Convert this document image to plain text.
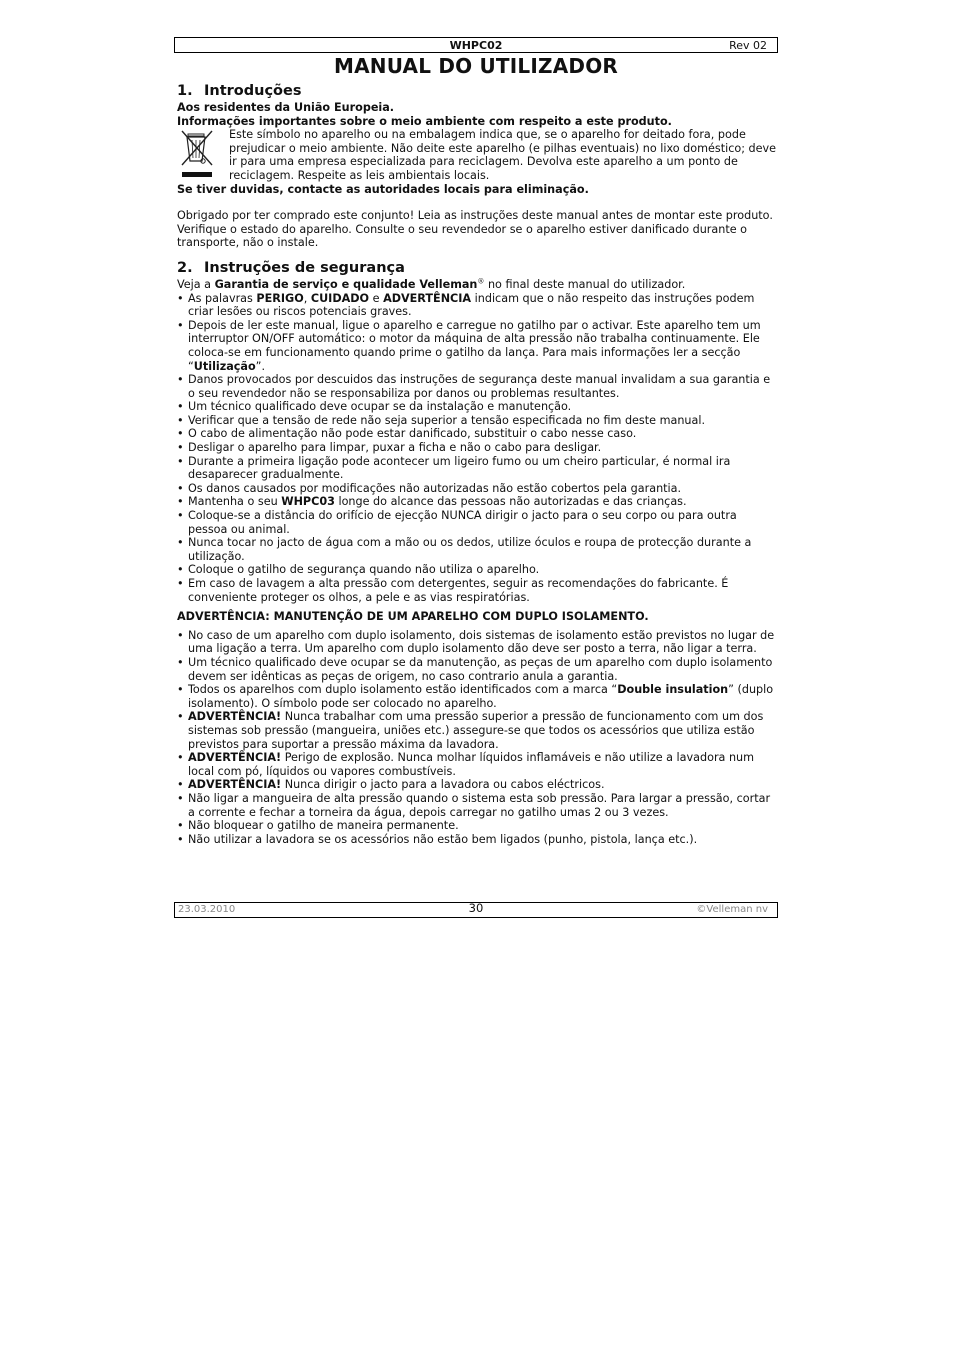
WHPC02	Rev 02
MANUAL DO UTILIZADOR
1. Introduções

Aos residentes da União Europeia.

Informações importantes sobre o meio ambiente com respeito a este produto.

Este símbolo no aparelho ou na embalagem indica que, se o aparelho for deitado fora, pode prejudicar o meio ambiente. Não deite este aparelho (e pilhas eventuais) no lixo doméstico; deve ir para uma empresa especializada para reciclagem. Devolva este aparelho a um ponto de reciclagem. Respeite as leis ambientais locais.

Se tiver duvidas, contacte as autoridades locais para eliminação.

Obrigado por ter comprado este conjunto! Leia as instruções deste manual antes de montar este produto. Verifique o estado do aparelho. Consulte o seu revendedor se o aparelho estiver danificado durante o transporte, não o instale.

2. Instruções de segurança

Veja a Garantia de serviço e qualidade Velleman® no final deste manual do utilizador.

• As palavras PERIGO, CUIDADO e ADVERTÊNCIA indicam que o não respeito das instruções podem criar lesões ou riscos potenciais graves.
• Depois de ler este manual, ligue o aparelho e carregue no gatilho par o activar. Este aparelho tem um interruptor ON/OFF automático: o motor da máquina de alta pressão não trabalha continuamente. Ele coloca-se em funcionamento quando prime o gatilho da lança. Para mais informações ler a secção “Utilização”.
• Danos provocados por descuidos das instruções de segurança deste manual invalidam a sua garantia e o seu revendedor não se responsabiliza por danos ou problemas resultantes.
• Um técnico qualificado deve ocupar se da instalação e manutenção.
• Verificar que a tensão de rede não seja superior a tensão especificada no fim deste manual.
• O cabo de alimentação não pode estar danificado, substituir o cabo nesse caso.
• Desligar o aparelho para limpar, puxar a ficha e não o cabo para desligar.
• Durante a primeira ligação pode acontecer um ligeiro fumo ou um cheiro particular, é normal ira desaparecer gradualmente.
• Os danos causados por modificações não autorizadas não estão cobertos pela garantia.
• Mantenha o seu WHPC03 longe do alcance das pessoas não autorizadas e das crianças.
• Coloque-se a distância do orifício de ejecção NUNCA dirigir o jacto para o seu corpo ou para outra pessoa ou animal.
• Nunca tocar no jacto de água com a mão ou os dedos, utilize óculos e roupa de protecção durante a utilização.
• Coloque o gatilho de segurança quando não utiliza o aparelho.
• Em caso de lavagem a alta pressão com detergentes, seguir as recomendações do fabricante. É conveniente proteger os olhos, a pele e as vias respiratórias.

ADVERTÊNCIA: MANUTENÇÃO DE UM APARELHO COM DUPLO ISOLAMENTO.

• No caso de um aparelho com duplo isolamento, dois sistemas de isolamento estão previstos no lugar de uma ligação a terra. Um aparelho com duplo isolamento dão deve ser posto a terra, não ligar a terra.
• Um técnico qualificado deve ocupar se da manutenção, as peças de um aparelho com duplo isolamento devem ser idênticas as peças de origem, no caso contrario anula a garantia.
• Todos os aparelhos com duplo isolamento estão identificados com a marca “Double insulation” (duplo isolamento). O símbolo pode ser colocado no aparelho.
• ADVERTÊNCIA! Nunca trabalhar com uma pressão superior a pressão de funcionamento com um dos sistemas sob pressão (mangueira, uniões etc.) assegure-se que todos os acessórios que utiliza estão previstos para suportar a pressão máxima da lavadora.
• ADVERTÊNCIA! Perigo de explosão. Nunca molhar líquidos inflamáveis e não utilize a lavadora num local com pó, líquidos ou vapores combustíveis.
• ADVERTÊNCIA! Nunca dirigir o jacto para a lavadora ou cabos eléctricos.
• Não ligar a mangueira de alta pressão quando o sistema esta sob pressão. Para largar a pressão, cortar a corrente e fechar a torneira da água, depois carregar no gatilho umas 2 ou 3 vezes.
• Não bloquear o gatilho de maneira permanente.
• Não utilizar a lavadora se os acessórios não estão bem ligados (punho, pistola, lança etc.).
23.03.2010	30	©Velleman nv
